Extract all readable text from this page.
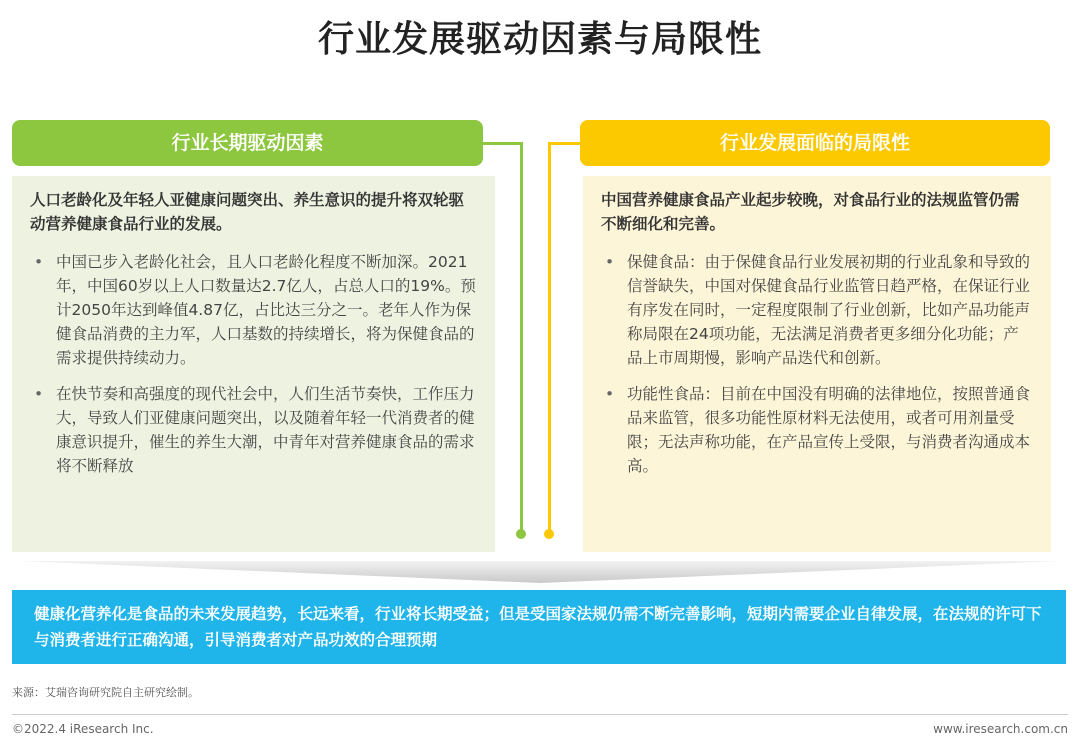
行业发展驱动因素与局限性
行业长期驱动因素	行业发展面临的局限性
人口老龄化及年轻人亚健康问题突出、养生意识的提升将双轮驱动营养健康食品行业的发展。
• 中国已步入老龄化社会，且人口老龄化程度不断加深。2021年，中国60岁以上人口数量达2.7亿人，占总人口的19%。预计2050年达到峰值4.87亿，占比达三分之一。老年人作为保健食品消费的主力军，人口基数的持续增长，将为保健食品的需求提供持续动力。
• 在快节奏和高强度的现代社会中，人们生活节奏快，工作压力大，导致人们亚健康问题突出，以及随着年轻一代消费者的健康意识提升，催生的养生大潮，中青年对营养健康食品的需求将不断释放
中国营养健康食品产业起步较晚，对食品行业的法规监管仍需不断细化和完善。
• 保健食品：由于保健食品行业发展初期的行业乱象和导致的信誉缺失，中国对保健食品行业监管日趋严格，在保证行业有序发在同时，一定程度限制了行业创新，比如产品功能声称局限在24项功能，无法满足消费者更多细分化功能；产品上市周期慢，影响产品迭代和创新。
• 功能性食品：目前在中国没有明确的法律地位，按照普通食品来监管，很多功能性原材料无法使用，或者可用剂量受限；无法声称功能，在产品宣传上受限，与消费者沟通成本高。
健康化营养化是食品的未来发展趋势，长远来看，行业将长期受益；但是受国家法规仍需不断完善影响，短期内需要企业自律发展，在法规的许可下与消费者进行正确沟通，引导消费者对产品功效的合理预期
来源：艾瑞咨询研究院自主研究绘制。
©2022.4 iResearch Inc.	www.iresearch.com.cn
